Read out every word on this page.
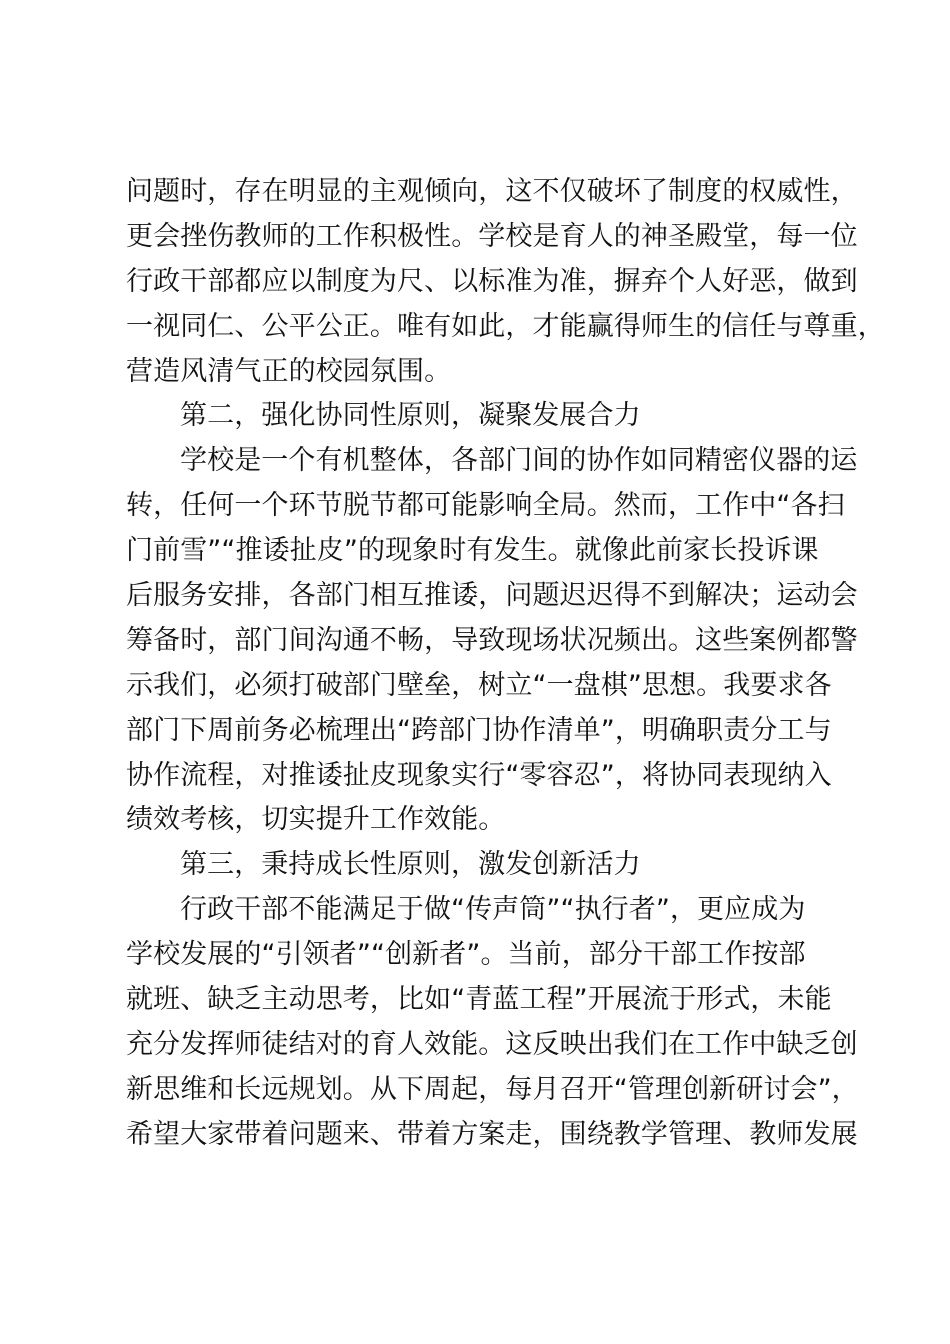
问题时，存在明显的主观倾向，这不仅破坏了制度的权威性，
更会挫伤教师的工作积极性。学校是育人的神圣殿堂，每一位
行政干部都应以制度为尺、以标准为准，摒弃个人好恶，做到
一视同仁、公平公正。唯有如此，才能赢得师生的信任与尊重，
营造风清气正的校园氛围。
第二，强化协同性原则，凝聚发展合力
学校是一个有机整体，各部门间的协作如同精密仪器的运
转，任何一个环节脱节都可能影响全局。然而，工作中“各扫
门前雪”“推诿扯皮”的现象时有发生。就像此前家长投诉课
后服务安排，各部门相互推诿，问题迟迟得不到解决；运动会
筹备时，部门间沟通不畅，导致现场状况频出。这些案例都警
示我们，必须打破部门壁垒，树立“一盘棋”思想。我要求各
部门下周前务必梳理出“跨部门协作清单”，明确职责分工与
协作流程，对推诿扯皮现象实行“零容忍”，将协同表现纳入
绩效考核，切实提升工作效能。
第三，秉持成长性原则，激发创新活力
行政干部不能满足于做“传声筒”“执行者”，更应成为
学校发展的“引领者”“创新者”。当前，部分干部工作按部
就班、缺乏主动思考，比如“青蓝工程”开展流于形式，未能
充分发挥师徒结对的育人效能。这反映出我们在工作中缺乏创
新思维和长远规划。从下周起，每月召开“管理创新研讨会”，
希望大家带着问题来、带着方案走，围绕教学管理、教师发展
